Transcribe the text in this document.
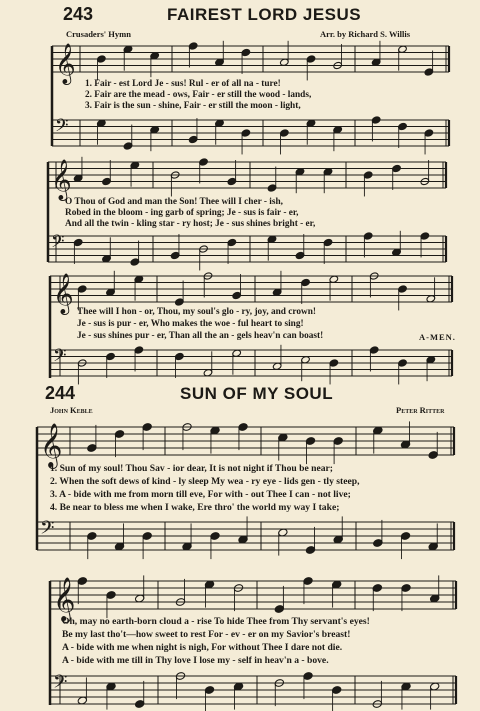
𝄞
𝄢
𝄞
𝄢
𝄞
𝄢
𝄞
𝄢
𝄞
𝄢
243	FAIREST LORD JESUS
Crusaders' Hymn	Arr. by Richard S. Willis
1. Fair - est Lord Je - sus! Rul - er of all na - ture!
2. Fair are the mead - ows, Fair - er still the wood - lands,
3. Fair is the sun - shine, Fair - er still the moon - light,
O Thou of God and man the Son! Thee will I cher - ish,
Robed in the bloom - ing garb of spring; Je - sus is fair - er,
And all the twin - kling star - ry host; Je - sus shines bright - er,
Thee will I hon - or, Thou, my soul's glo - ry, joy, and crown!
Je - sus is pur - er, Who makes the woe - ful heart to sing!
Je - sus shines pur - er, Than all the an - gels heav'n can boast!	A-MEN.
244	SUN OF MY SOUL
John Keble	Peter Ritter
1. Sun of my soul! Thou Sav - ior dear, It is not night if Thou be near;
2. When the soft dews of kind - ly sleep My wea - ry eye - lids gen - tly steep,
3. A - bide with me from morn till eve, For with - out Thee I can - not live;
4. Be near to bless me when I wake, Ere thro' the world my way I take;
Oh, may no earth-born cloud a - rise To hide Thee from Thy servant's eyes!
Be my last tho't—how sweet to rest For - ev - er on my Savior's breast!
A - bide with me when night is nigh, For without Thee I dare not die.
A - bide with me till in Thy love I lose my - self in heav'n a - bove.
